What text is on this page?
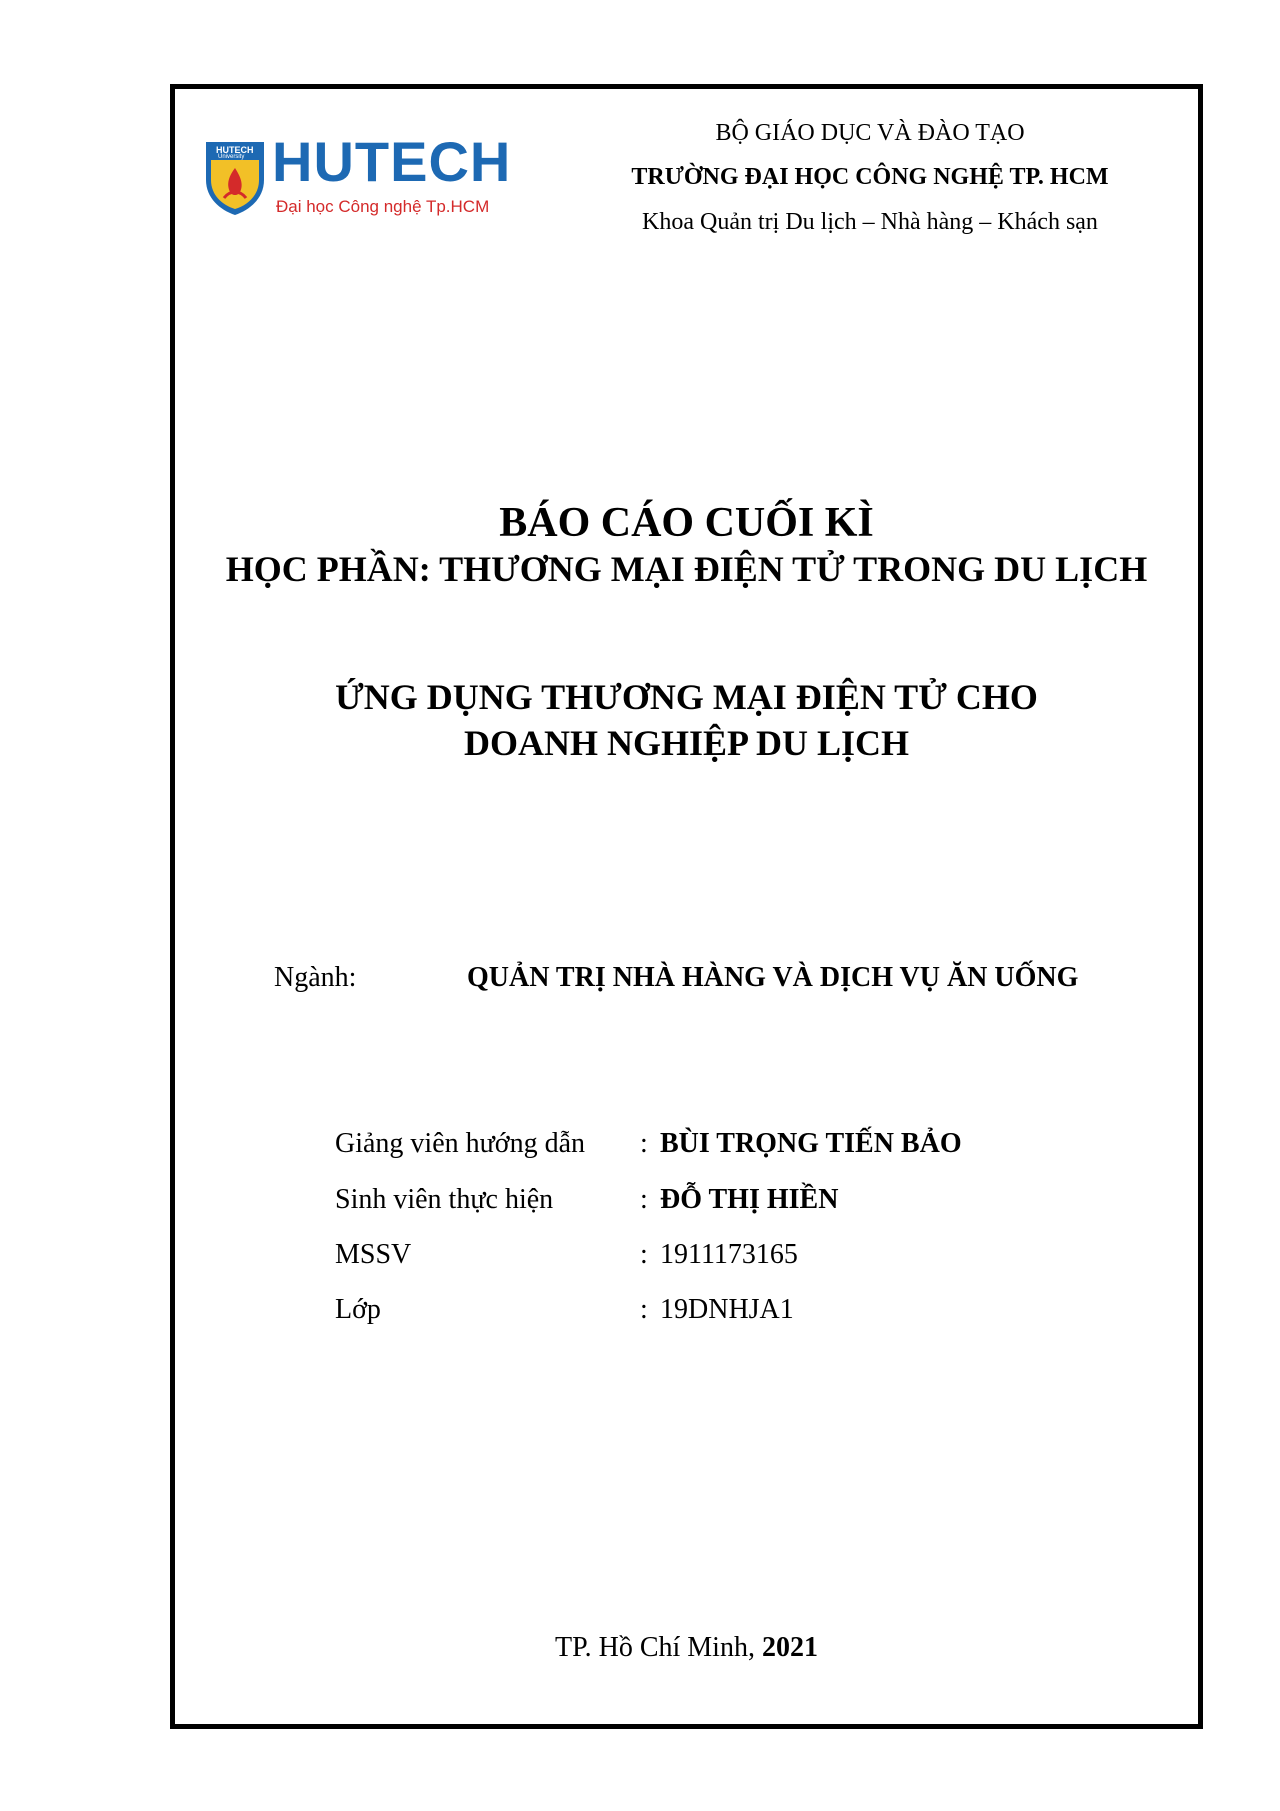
HUTECH
University HUTECH
Đại học Công nghệ Tp.HCM
BỘ GIÁO DỤC VÀ ĐÀO TẠO
TRƯỜNG ĐẠI HỌC CÔNG NGHỆ TP. HCM
Khoa Quản trị Du lịch – Nhà hàng – Khách sạn
BÁO CÁO CUỐI KÌ
HỌC PHẦN: THƯƠNG MẠI ĐIỆN TỬ TRONG DU LỊCH
ỨNG DỤNG THƯƠNG MẠI ĐIỆN TỬ CHO
DOANH NGHIỆP DU LỊCH
Ngành:	QUẢN TRỊ NHÀ HÀNG VÀ DỊCH VỤ ĂN UỐNG
Giảng viên hướng dẫn : BÙI TRỌNG TIẾN BẢO
Sinh viên thực hiện	: ĐỖ THỊ HIỀN
MSSV	: 1911173165
Lớp	: 19DNHJA1
TP. Hồ Chí Minh, 2021
